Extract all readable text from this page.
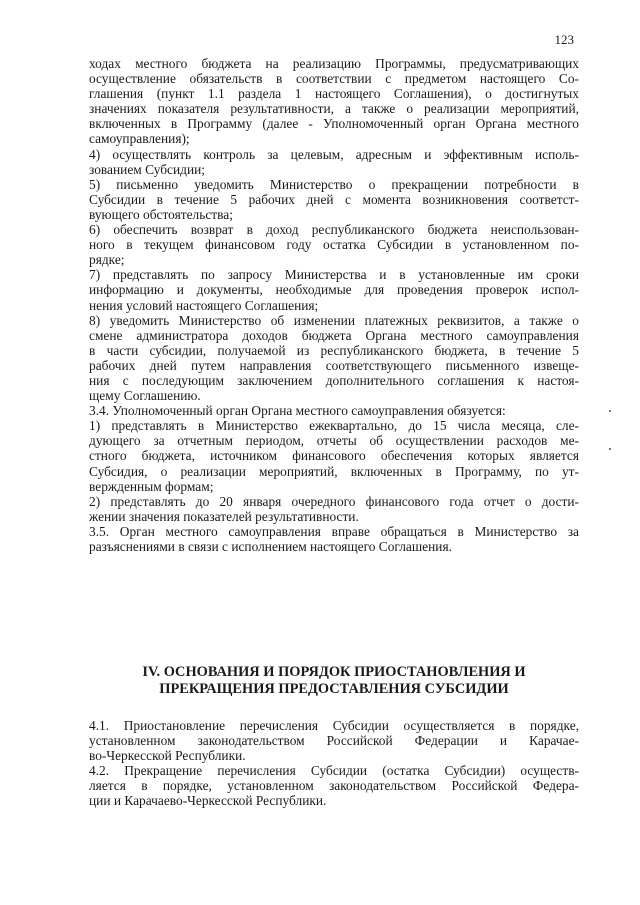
123
ходах местного бюджета на реализацию Программы, предусматривающих
осуществление обязательств в соответствии с предметом настоящего Со-
глашения (пункт 1.1 раздела 1 настоящего Соглашения), о достигнутых
значениях показателя результативности, а также о реализации мероприятий,
включенных в Программу (далее - Уполномоченный орган Органа местного
самоуправления);
4) осуществлять контроль за целевым, адресным и эффективным исполь-
зованием Субсидии;
5) письменно уведомить Министерство о прекращении потребности в
Субсидии в течение 5 рабочих дней с момента возникновения соответст-
вующего обстоятельства;
6) обеспечить возврат в доход республиканского бюджета неиспользован-
ного в текущем финансовом году остатка Субсидии в установленном по-
рядке;
7) представлять по запросу Министерства и в установленные им сроки
информацию и документы, необходимые для проведения проверок испол-
нения условий настоящего Соглашения;
8) уведомить Министерство об изменении платежных реквизитов, а также о
смене администратора доходов бюджета Органа местного самоуправления
в части субсидии, получаемой из республиканского бюджета, в течение 5
рабочих дней путем направления соответствующего письменного извеще-
ния с последующим заключением дополнительного соглашения к настоя-
щему Соглашению.
3.4. Уполномоченный орган Органа местного самоуправления обязуется:
1) представлять в Министерство ежеквартально, до 15 числа месяца, сле-
дующего за отчетным периодом, отчеты об осуществлении расходов ме-
стного бюджета, источником финансового обеспечения которых является
Субсидия, о реализации мероприятий, включенных в Программу, по ут-
вержденным формам;
2) представлять до 20 января очередного финансового года отчет о дости-
жении значения показателей результативности.
3.5. Орган местного самоуправления вправе обращаться в Министерство за
разъяснениями в связи с исполнением настоящего Соглашения.
IV. ОСНОВАНИЯ И ПОРЯДОК ПРИОСТАНОВЛЕНИЯ И
ПРЕКРАЩЕНИЯ ПРЕДОСТАВЛЕНИЯ СУБСИДИИ
4.1. Приостановление перечисления Субсидии осуществляется в порядке,
установленном законодательством Российской Федерации и Карачае-
во-Черкесской Республики.
4.2. Прекращение перечисления Субсидии (остатка Субсидии) осуществ-
ляется в порядке, установленном законодательством Российской Федера-
ции и Карачаево-Черкесской Республики.
